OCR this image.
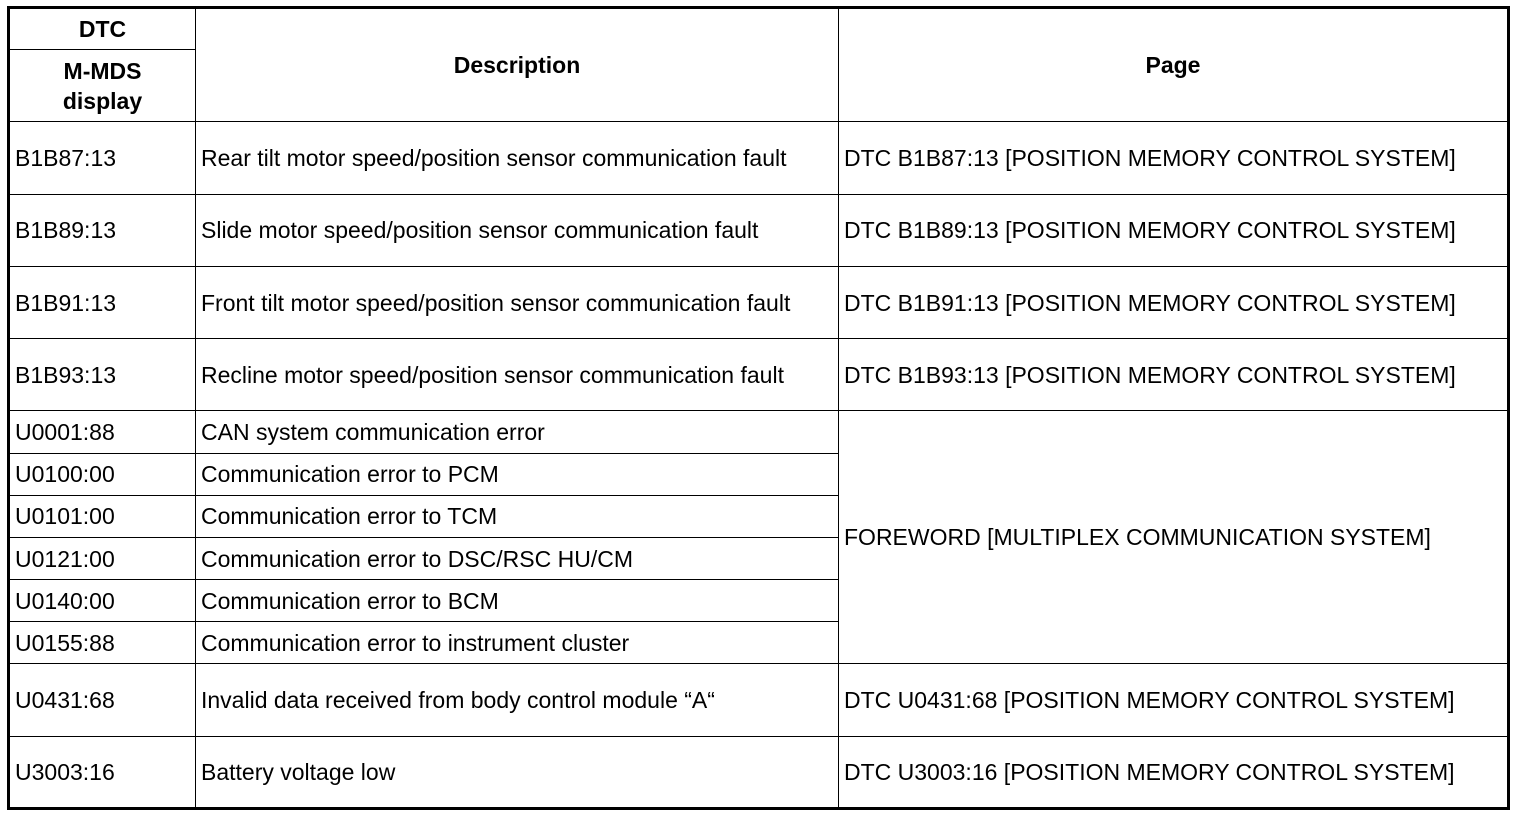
DTC	Description	Page
M-MDS display		
B1B87:13	Rear tilt motor speed/position sensor communication fault	DTC B1B87:13 [POSITION MEMORY CONTROL SYSTEM]
B1B89:13	Slide motor speed/position sensor communication fault	DTC B1B89:13 [POSITION MEMORY CONTROL SYSTEM]
B1B91:13	Front tilt motor speed/position sensor communication fault	DTC B1B91:13 [POSITION MEMORY CONTROL SYSTEM]
B1B93:13	Recline motor speed/position sensor communication fault	DTC B1B93:13 [POSITION MEMORY CONTROL SYSTEM]
U0001:88	CAN system communication error	FOREWORD [MULTIPLEX COMMUNICATION SYSTEM]
U0100:00	Communication error to PCM	
U0101:00	Communication error to TCM	
U0121:00	Communication error to DSC/RSC HU/CM	
U0140:00	Communication error to BCM	
U0155:88	Communication error to instrument cluster	
U0431:68	Invalid data received from body control module “A“	DTC U0431:68 [POSITION MEMORY CONTROL SYSTEM]
U3003:16	Battery voltage low	DTC U3003:16 [POSITION MEMORY CONTROL SYSTEM]
